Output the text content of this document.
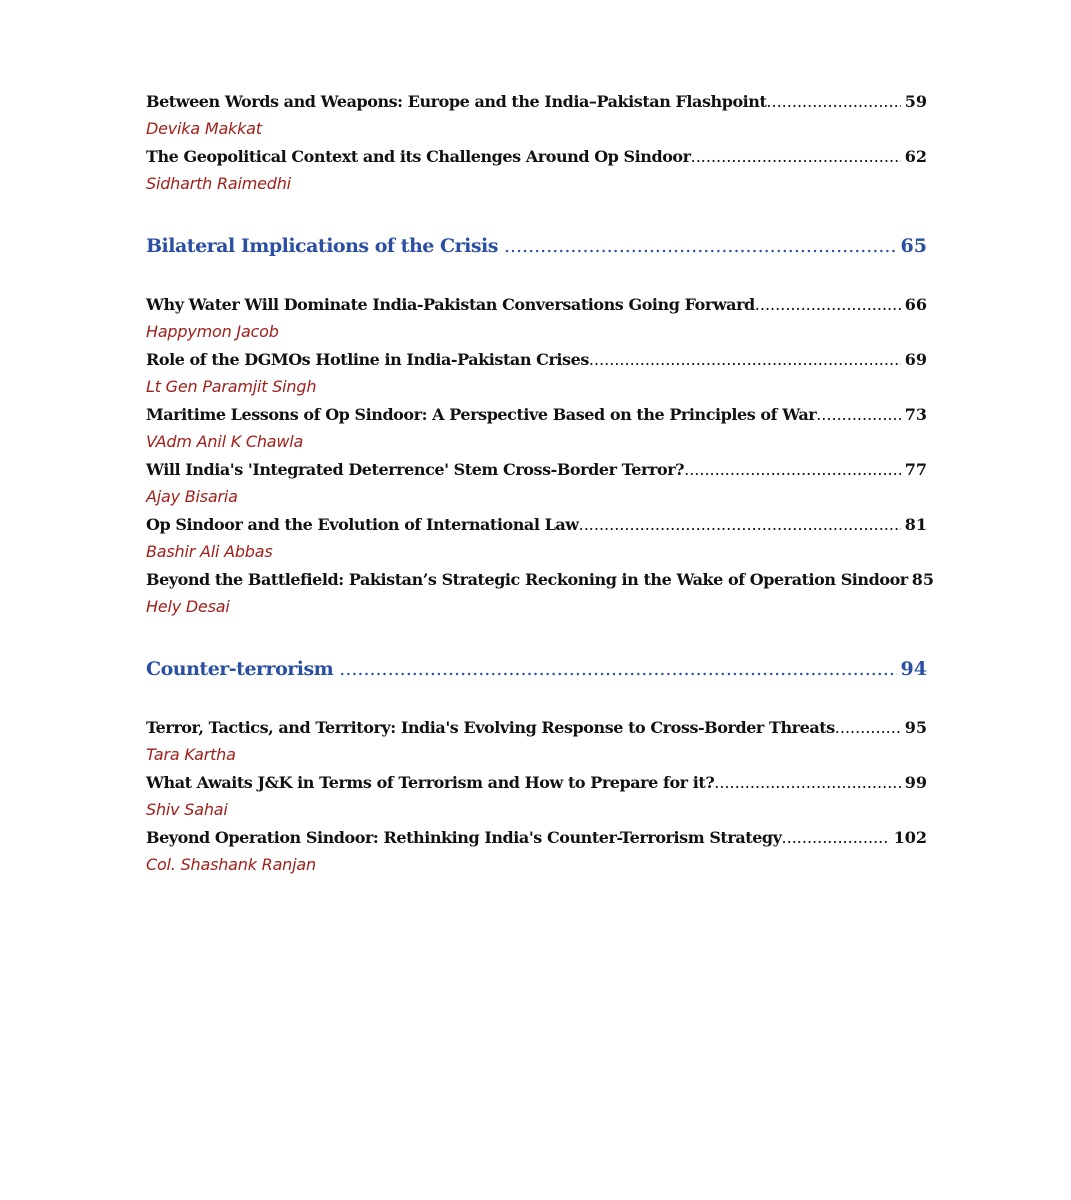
Between Words and Weapons: Europe and the India–Pakistan Flashpoint .....	59
Devika Makkat
The Geopolitical Context and its Challenges Around Op Sindoor .....	62
Sidharth Raimedhi
Bilateral Implications of the Crisis .....	65
Why Water Will Dominate India-Pakistan Conversations Going Forward .....	66
Happymon Jacob
Role of the DGMOs Hotline in India-Pakistan Crises .....	69
Lt Gen Paramjit Singh
Maritime Lessons of Op Sindoor: A Perspective Based on the Principles of War .....	73
VAdm Anil K Chawla
Will India's 'Integrated Deterrence' Stem Cross-Border Terror? .....	77
Ajay Bisaria
Op Sindoor and the Evolution of International Law .....	81
Bashir Ali Abbas
Beyond the Battlefield: Pakistan’s Strategic Reckoning in the Wake of Operation Sindoor 85
Hely Desai
Counter-terrorism .....	94
Terror, Tactics, and Territory: India's Evolving Response to Cross-Border Threats .....	95
Tara Kartha
What Awaits J&K in Terms of Terrorism and How to Prepare for it? .....	99
Shiv Sahai
Beyond Operation Sindoor: Rethinking India's Counter-Terrorism Strategy .....	102
Col. Shashank Ranjan
